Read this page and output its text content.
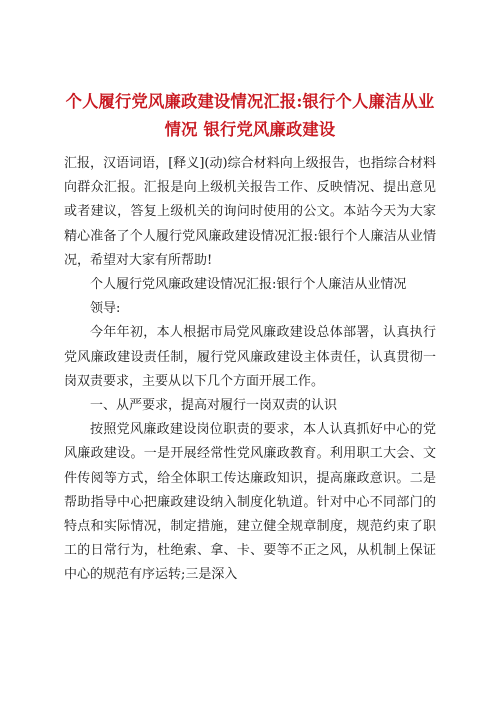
个人履行党风廉政建设情况汇报:银行个人廉洁从业情况 银行党风廉政建设

汇报，汉语词语，[释义](动)综合材料向上级报告，也指综合材料向群众汇报。汇报是向上级机关报告工作、反映情况、提出意见或者建议，答复上级机关的询问时使用的公文。本站今天为大家精心准备了个人履行党风廉政建设情况汇报:银行个人廉洁从业情况，希望对大家有所帮助!

个人履行党风廉政建设情况汇报:银行个人廉洁从业情况

领导:

今年年初，本人根据市局党风廉政建设总体部署，认真执行党风廉政建设责任制，履行党风廉政建设主体责任，认真贯彻一岗双责要求，主要从以下几个方面开展工作。

一、从严要求，提高对履行一岗双责的认识

按照党风廉政建设岗位职责的要求，本人认真抓好中心的党风廉政建设。一是开展经常性党风廉政教育。利用职工大会、文件传阅等方式，给全体职工传达廉政知识，提高廉政意识。二是帮助指导中心把廉政建设纳入制度化轨道。针对中心不同部门的特点和实际情况，制定措施，建立健全规章制度，规范约束了职工的日常行为，杜绝索、拿、卡、要等不正之风，从机制上保证中心的规范有序运转;三是深入
